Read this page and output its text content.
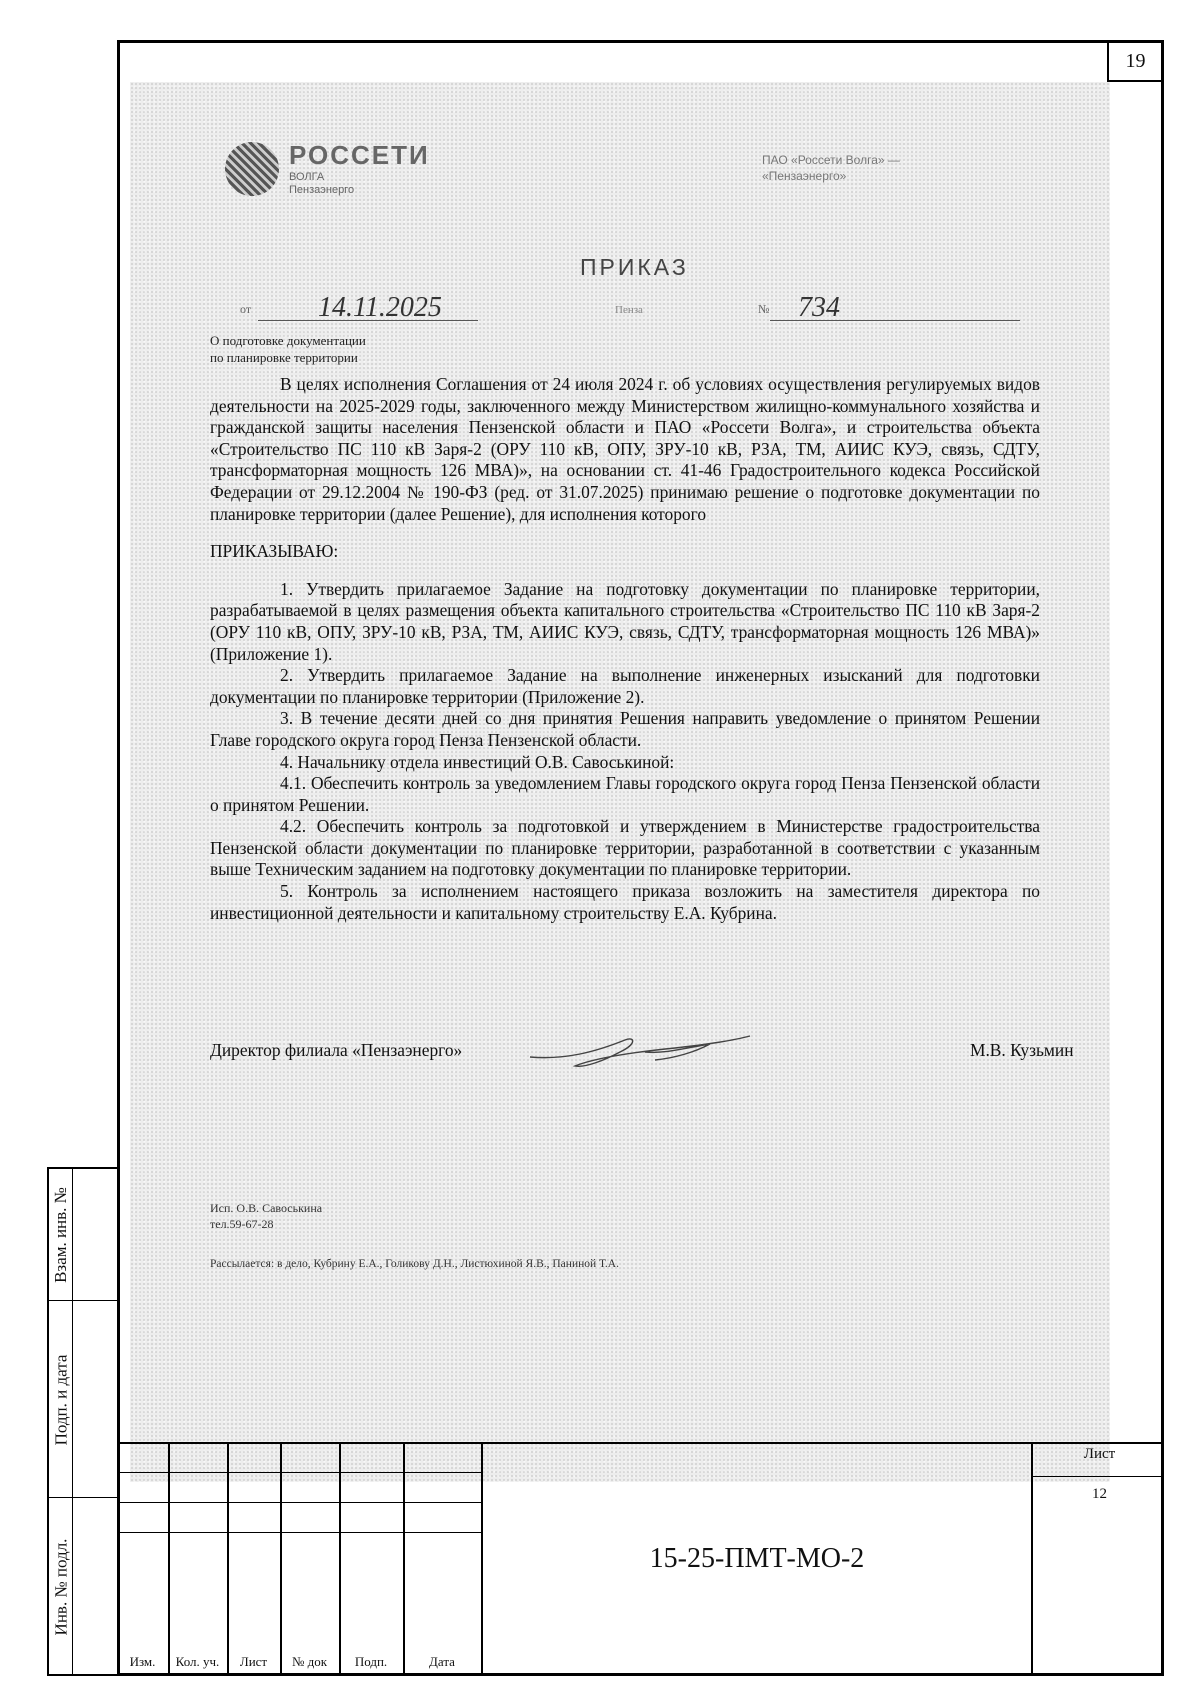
19
Взам. инв. №
Подп. и дата
Инв. № подл.
РОССЕТИ
ВОЛГА
Пензаэнерго
ПАО «Россети Волга» —
«Пензаэнерго»
ПРИКАЗ
от 14.11.2025	Пенза	№ 734
О подготовке документации
по планировке территории

В целях исполнения Соглашения от 24 июля 2024 г. об условиях осуществления регулируемых видов деятельности на 2025-2029 годы, заключенного между Министерством жилищно-коммунального хозяйства и гражданской защиты населения Пензенской области и ПАО «Россети Волга», и строительства объекта «Строительство ПС 110 кВ Заря-2 (ОРУ 110 кВ, ОПУ, ЗРУ-10 кВ, РЗА, ТМ, АИИС КУЭ, связь, СДТУ, трансформаторная мощность 126 МВА)», на основании ст. 41-46 Градостроительного кодекса Российской Федерации от 29.12.2004 № 190-ФЗ (ред. от 31.07.2025) принимаю решение о подготовке документации по планировке территории (далее Решение), для исполнения которого

ПРИКАЗЫВАЮ:

1. Утвердить прилагаемое Задание на подготовку документации по планировке территории, разрабатываемой в целях размещения объекта капитального строительства «Строительство ПС 110 кВ Заря-2 (ОРУ 110 кВ, ОПУ, ЗРУ-10 кВ, РЗА, ТМ, АИИС КУЭ, связь, СДТУ, трансформаторная мощность 126 МВА)» (Приложение 1).

2. Утвердить прилагаемое Задание на выполнение инженерных изысканий для подготовки документации по планировке территории (Приложение 2).

3. В течение десяти дней со дня принятия Решения направить уведомление о принятом Решении Главе городского округа город Пенза Пензенской области.

4. Начальнику отдела инвестиций О.В. Савоськиной:

4.1. Обеспечить контроль за уведомлением Главы городского округа город Пенза Пензенской области о принятом Решении.

4.2. Обеспечить контроль за подготовкой и утверждением в Министерстве градостроительства Пензенской области документации по планировке территории, разработанной в соответствии с указанным выше Техническим заданием на подготовку документации по планировке территории.

5. Контроль за исполнением настоящего приказа возложить на заместителя директора по инвестиционной деятельности и капитальному строительству Е.А. Кубрина.

Директор филиала «Пензаэнерго»	М.В. Кузьмин
Исп. О.В. Савоськина
тел.59-67-28
Рассылается: в дело, Кубрину Е.А., Голикову Д.Н., Листюхиной Я.В., Паниной Т.А.
Изм.	Кол. уч.	Лист	№ док	Подп.	Дата
15-25-ПМТ-МО-2
Лист
12
